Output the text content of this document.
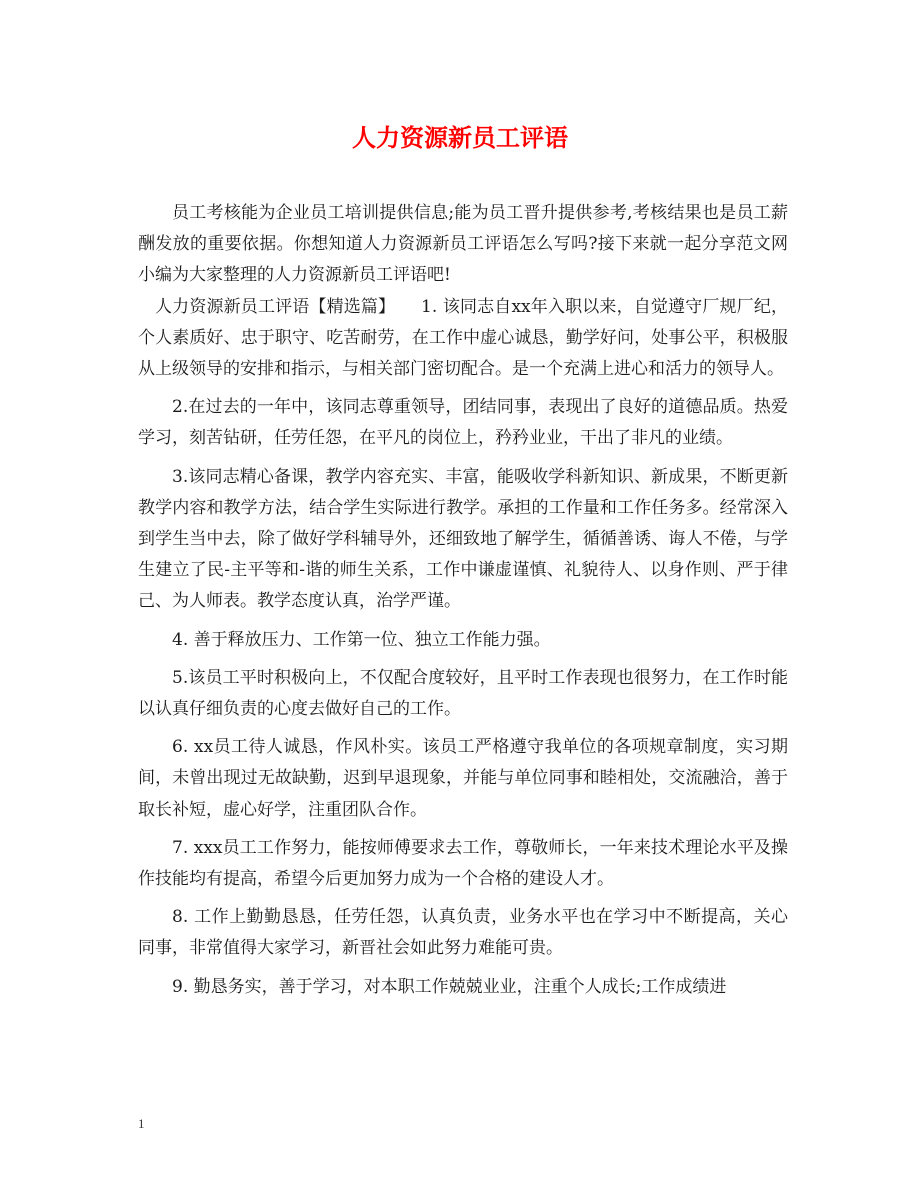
人力资源新员工评语

员工考核能为企业员工培训提供信息;能为员工晋升提供参考,考核结果也是员工薪酬发放的重要依据。你想知道人力资源新员工评语怎么写吗?接下来就一起分享范文网小编为大家整理的人力资源新员工评语吧!

人力资源新员工评语【精选篇】　　1. 该同志自xx年入职以来，自觉遵守厂规厂纪，个人素质好、忠于职守、吃苦耐劳，在工作中虚心诚恳，勤学好问，处事公平，积极服从上级领导的安排和指示，与相关部门密切配合。是一个充满上进心和活力的领导人。

2.在过去的一年中，该同志尊重领导，团结同事，表现出了良好的道德品质。热爱学习，刻苦钻研，任劳任怨，在平凡的岗位上，矜矜业业，干出了非凡的业绩。

3.该同志精心备课，教学内容充实、丰富，能吸收学科新知识、新成果，不断更新教学内容和教学方法，结合学生实际进行教学。承担的工作量和工作任务多。经常深入到学生当中去，除了做好学科辅导外，还细致地了解学生，循循善诱、诲人不倦，与学生建立了民-主平等和-谐的师生关系，工作中谦虚谨慎、礼貌待人、以身作则、严于律己、为人师表。教学态度认真，治学严谨。

4. 善于释放压力、工作第一位、独立工作能力强。

5.该员工平时积极向上，不仅配合度较好，且平时工作表现也很努力，在工作时能以认真仔细负责的心度去做好自己的工作。

6. xx员工待人诚恳，作风朴实。该员工严格遵守我单位的各项规章制度，实习期间，未曾出现过无故缺勤，迟到早退现象，并能与单位同事和睦相处，交流融洽，善于取长补短，虚心好学，注重团队合作。

7. xxx员工工作努力，能按师傅要求去工作，尊敬师长，一年来技术理论水平及操作技能均有提高，希望今后更加努力成为一个合格的建设人才。

8. 工作上勤勤恳恳，任劳任怨，认真负责，业务水平也在学习中不断提高，关心同事，非常值得大家学习，新晋社会如此努力难能可贵。

9. 勤恳务实，善于学习，对本职工作兢兢业业，注重个人成长;工作成绩进

1
